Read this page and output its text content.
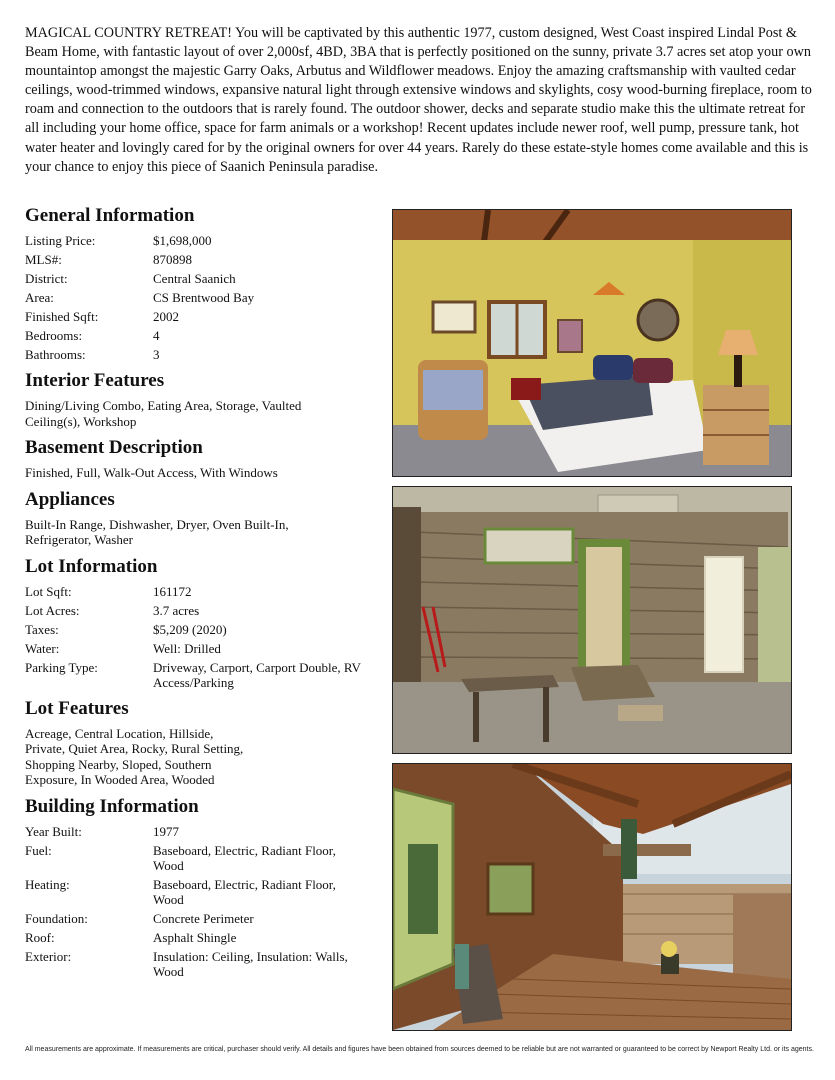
MAGICAL COUNTRY RETREAT! You will be captivated by this authentic 1977, custom designed, West Coast inspired Lindal Post & Beam Home, with fantastic layout of over 2,000sf, 4BD, 3BA that is perfectly positioned on the sunny, private 3.7 acres set atop your own mountaintop amongst the majestic Garry Oaks, Arbutus and Wildflower meadows. Enjoy the amazing craftsmanship with vaulted cedar ceilings, wood-trimmed windows, expansive natural light through extensive windows and skylights, cosy wood-burning fireplace, room to roam and connection to the outdoors that is rarely found. The outdoor shower, decks and separate studio make this the ultimate retreat for all including your home office, space for farm animals or a workshop! Recent updates include newer roof, well pump, pressure tank, hot water heater and lovingly cared for by the original owners for over 44 years. Rarely do these estate-style homes come available and this is your chance to enjoy this piece of Saanich Peninsula paradise.

General Information
Listing Price:	$1,698,000
MLS#:	870898
District:	Central Saanich
Area:	CS Brentwood Bay
Finished Sqft:	2002
Bedrooms:	4
Bathrooms:	3
Interior Features

Dining/Living Combo, Eating Area, Storage, Vaulted Ceiling(s), Workshop

Basement Description

Finished, Full, Walk-Out Access, With Windows

Appliances

Built-In Range, Dishwasher, Dryer, Oven Built-In, Refrigerator, Washer

Lot Information
Lot Sqft:	161172
Lot Acres:	3.7 acres
Taxes:	$5,209 (2020)
Water:	Well: Drilled
Parking Type:	Driveway, Carport, Carport Double, RV Access/Parking
Lot Features

Acreage, Central Location, Hillside, Private, Quiet Area, Rocky, Rural Setting, Shopping Nearby, Sloped, Southern Exposure, In Wooded Area, Wooded

Building Information
Year Built:	1977
Fuel:	Baseboard, Electric, Radiant Floor, Wood
Heating:	Baseboard, Electric, Radiant Floor, Wood
Foundation:	Concrete Perimeter
Roof:	Asphalt Shingle
Exterior:	Insulation: Ceiling, Insulation: Walls, Wood
All measurements are approximate. If measurements are critical, purchaser should verify. All details and figures have been obtained from sources deemed to be reliable but are not warranted or guaranteed to be correct by Newport Realty Ltd. or its agents.
